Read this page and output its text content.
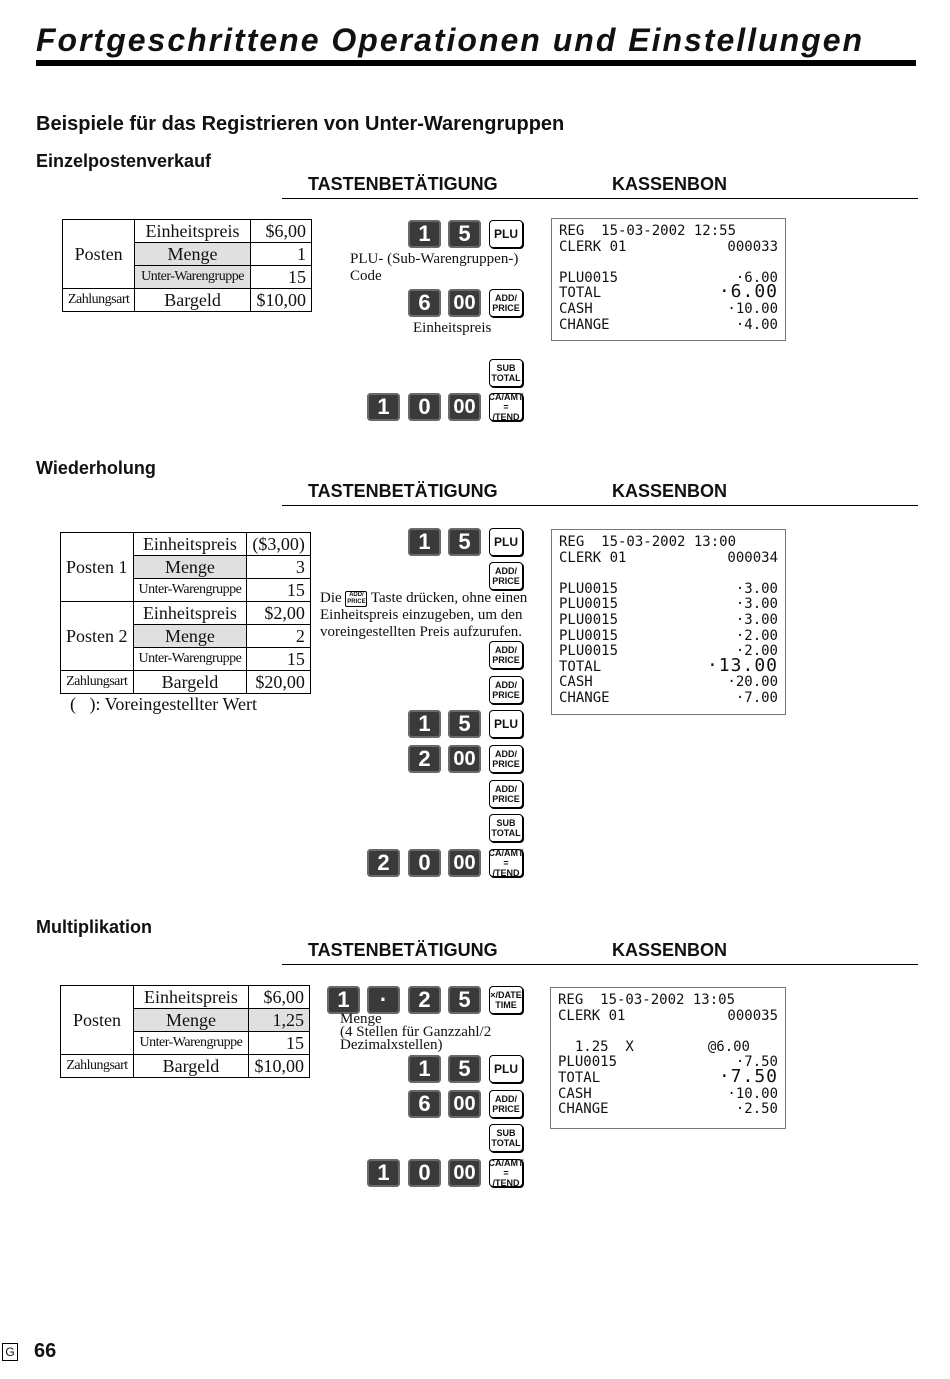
Fortgeschrittene Operationen und Einstellungen
Beispiele für das Registrieren von Unter-Warengruppen
Einzelpostenverkauf
TASTENBETÄTIGUNG	KASSENBON
Posten	Einheitspreis	$6,00
	Menge	1
	Unter-Warengruppe	15
Zahlungsart	Bargeld	$10,00
1	5	PLU
PLU- (Sub-Warengruppen-)
Code
6	00	ADD/
PRICE
Einheitspreis
SUB
TOTAL
1	0	00	CA/AMT
= /TEND
REG  15-03-2002 12:55
CLERK 01	000033
PLU0015	·6.00
TOTAL	·6.00
CASH	·10.00
CHANGE	·4.00
Wiederholung
TASTENBETÄTIGUNG	KASSENBON
Posten 1	Einheitspreis	($3,00)
	Menge	3
	Unter-Warengruppe	15
Posten 2	Einheitspreis	$2,00
	Menge	2
	Unter-Warengruppe	15
Zahlungsart	Bargeld	$20,00
(   ): Voreingestellter Wert
1	5	PLU
ADD/
PRICE
Die ADD/
PRICE Taste drücken, ohne einen
Einheitspreis einzugeben, um den
voreingestellten Preis aufzurufen.
ADD/
PRICE
ADD/
PRICE
1	5	PLU
2	00	ADD/
PRICE
ADD/
PRICE
SUB
TOTAL
2	0	00	CA/AMT
= /TEND
REG  15-03-2002 13:00
CLERK 01	000034
PLU0015	·3.00
PLU0015	·3.00
PLU0015	·3.00
PLU0015	·2.00
PLU0015	·2.00
TOTAL	·13.00
CASH	·20.00
CHANGE	·7.00
Multiplikation
TASTENBETÄTIGUNG	KASSENBON
Posten	Einheitspreis	$6,00
	Menge	1,25
	Unter-Warengruppe	15
Zahlungsart	Bargeld	$10,00
1	·	2	5	×/DATE
TIME
Menge
(4 Stellen für Ganzzahl/2
Dezimalxstellen)
1	5	PLU
6	00	ADD/
PRICE
SUB
TOTAL
1	0	00	CA/AMT
= /TEND
REG  15-03-2002 13:05
CLERK 01	000035
1.25  X	@6.00
PLU0015	·7.50
TOTAL	·7.50
CASH	·10.00
CHANGE	·2.50
G 66
